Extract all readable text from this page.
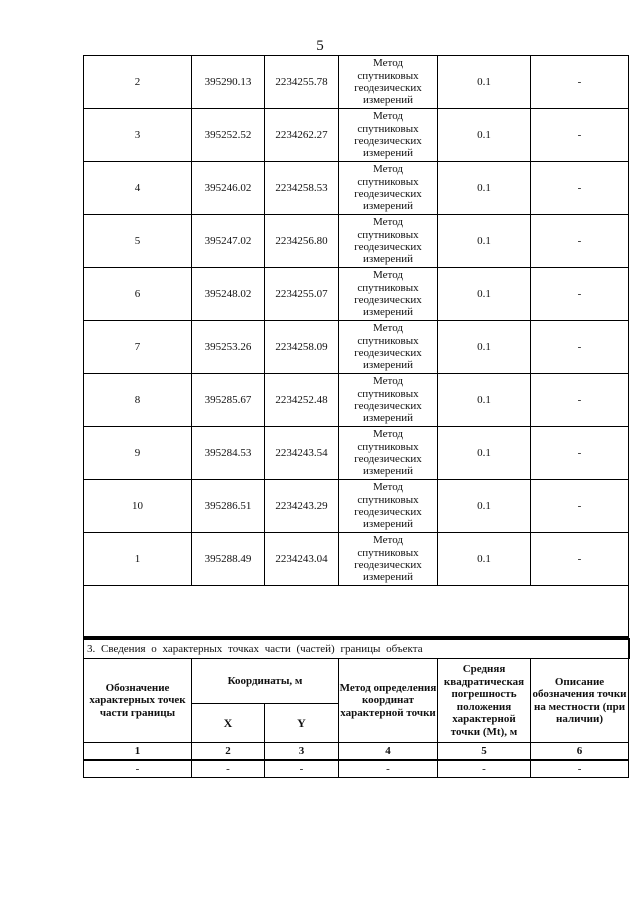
5
2	395290.13	2234255.78	Метод спутниковых геодезических измерений	0.1	-
3	395252.52	2234262.27	Метод спутниковых геодезических измерений	0.1	-
4	395246.02	2234258.53	Метод спутниковых геодезических измерений	0.1	-
5	395247.02	2234256.80	Метод спутниковых геодезических измерений	0.1	-
6	395248.02	2234255.07	Метод спутниковых геодезических измерений	0.1	-
7	395253.26	2234258.09	Метод спутниковых геодезических измерений	0.1	-
8	395285.67	2234252.48	Метод спутниковых геодезических измерений	0.1	-
9	395284.53	2234243.54	Метод спутниковых геодезических измерений	0.1	-
10	395286.51	2234243.29	Метод спутниковых геодезических измерений	0.1	-
1	395288.49	2234243.04	Метод спутниковых геодезических измерений	0.1	-

3. Сведения о характерных точках части (частей) границы объекта					
Обозначение характерных точек части границы	Координаты, м		Метод определения координат характерной точки	Средняя квадратическая погрешность положения характерной точки (Mt), м	Описание обозначения точки на местности (при наличии)
	X	Y			
1	2	3	4	5	6
-	-	-	-	-	-
